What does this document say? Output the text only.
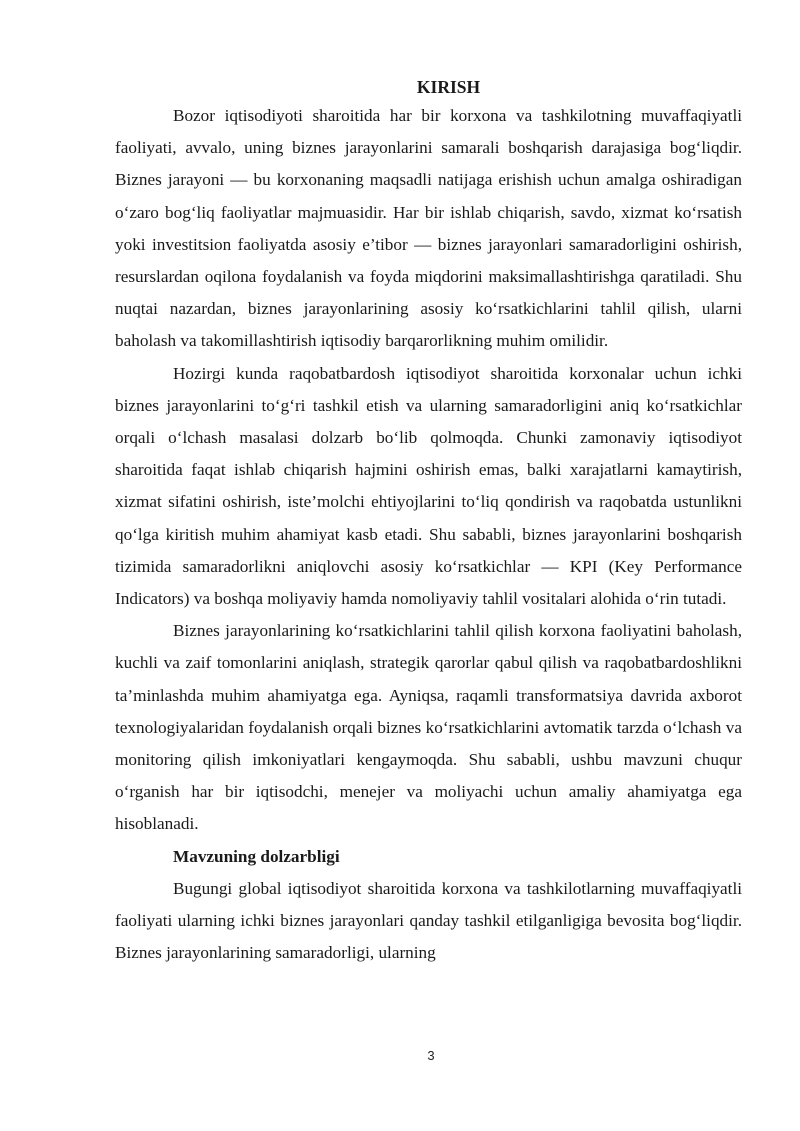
KIRISH

Bozor iqtisodiyoti sharoitida har bir korxona va tashkilotning muvaffaqiyatli faoliyati, avvalo, uning biznes jarayonlarini samarali boshqarish darajasiga bog‘liqdir. Biznes jarayoni — bu korxonaning maqsadli natijaga erishish uchun amalga oshiradigan o‘zaro bog‘liq faoliyatlar majmuasidir. Har bir ishlab chiqarish, savdo, xizmat ko‘rsatish yoki investitsion faoliyatda asosiy e’tibor — biznes jarayonlari samaradorligini oshirish, resurslardan oqilona foydalanish va foyda miqdorini maksimallashtirishga qaratiladi. Shu nuqtai nazardan, biznes jarayonlarining asosiy ko‘rsatkichlarini tahlil qilish, ularni baholash va takomillashtirish iqtisodiy barqarorlikning muhim omilidir.

Hozirgi kunda raqobatbardosh iqtisodiyot sharoitida korxonalar uchun ichki biznes jarayonlarini to‘g‘ri tashkil etish va ularning samaradorligini aniq ko‘rsatkichlar orqali o‘lchash masalasi dolzarb bo‘lib qolmoqda. Chunki zamonaviy iqtisodiyot sharoitida faqat ishlab chiqarish hajmini oshirish emas, balki xarajatlarni kamaytirish, xizmat sifatini oshirish, iste’molchi ehtiyojlarini to‘liq qondirish va raqobatda ustunlikni qo‘lga kiritish muhim ahamiyat kasb etadi. Shu sababli, biznes jarayonlarini boshqarish tizimida samaradorlikni aniqlovchi asosiy ko‘rsatkichlar — KPI (Key Performance Indicators) va boshqa moliyaviy hamda nomoliyaviy tahlil vositalari alohida o‘rin tutadi.

Biznes jarayonlarining ko‘rsatkichlarini tahlil qilish korxona faoliyatini baholash, kuchli va zaif tomonlarini aniqlash, strategik qarorlar qabul qilish va raqobatbardoshlikni ta’minlashda muhim ahamiyatga ega. Ayniqsa, raqamli transformatsiya davrida axborot texnologiyalaridan foydalanish orqali biznes ko‘rsatkichlarini avtomatik tarzda o‘lchash va monitoring qilish imkoniyatlari kengaymoqda. Shu sababli, ushbu mavzuni chuqur o‘rganish har bir iqtisodchi, menejer va moliyachi uchun amaliy ahamiyatga ega hisoblanadi.

Mavzuning dolzarbligi

Bugungi global iqtisodiyot sharoitida korxona va tashkilotlarning muvaffaqiyatli faoliyati ularning ichki biznes jarayonlari qanday tashkil etilganligiga bevosita bog‘liqdir. Biznes jarayonlarining samaradorligi, ularning

3
